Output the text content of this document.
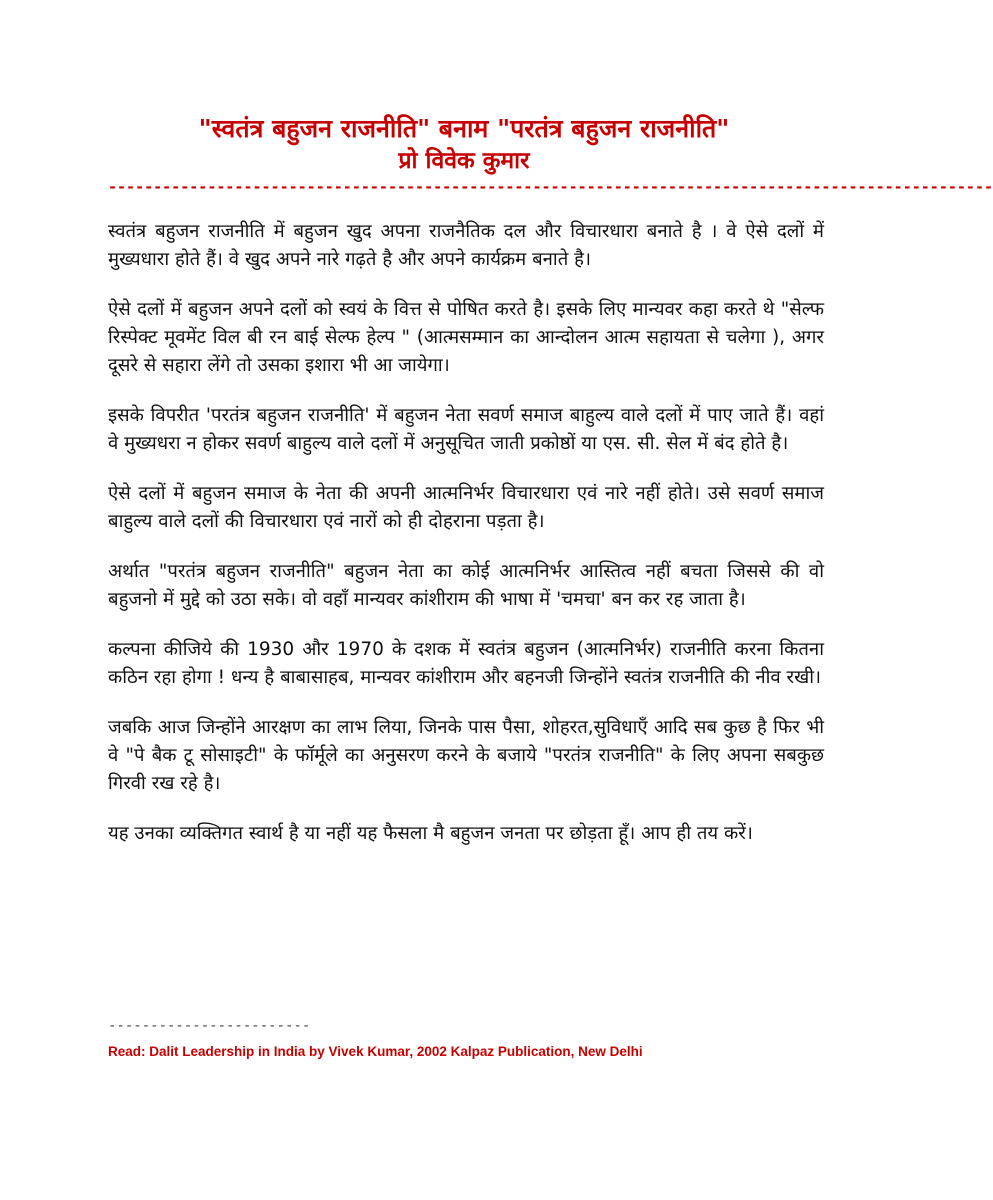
"स्वतंत्र बहुजन राजनीति" बनाम "परतंत्र बहुजन राजनीति"
प्रो विवेक कुमार
--------------------------------------------------------------------------------------------------

स्वतंत्र बहुजन राजनीति में बहुजन खुद अपना राजनैतिक दल और विचारधारा बनाते है । वे ऐसे दलों में मुख्यधारा होते हैं। वे खुद अपने नारे गढ़ते है और अपने कार्यक्रम बनाते है।

ऐसे दलों में बहुजन अपने दलों को स्वयं के वित्त से पोषित करते है। इसके लिए मान्यवर कहा करते थे "सेल्फ रिस्पेक्ट मूवमेंट विल बी रन बाई सेल्फ हेल्प " (आत्मसम्मान का आन्दोलन आत्म सहायता से चलेगा ), अगर दूसरे से सहारा लेंगे तो उसका इशारा भी आ जायेगा।

इसके विपरीत 'परतंत्र बहुजन राजनीति' में बहुजन नेता सवर्ण समाज बाहुल्य वाले दलों में पाए जाते हैं। वहां वे मुख्यधरा न होकर सवर्ण बाहुल्य वाले दलों में अनुसूचित जाती प्रकोष्ठों या एस. सी. सेल में बंद होते है।

ऐसे दलों में बहुजन समाज के नेता की अपनी आत्मनिर्भर विचारधारा एवं नारे नहीं होते। उसे सवर्ण समाज बाहुल्य वाले दलों की विचारधारा एवं नारों को ही दोहराना पड़ता है।

अर्थात "परतंत्र बहुजन राजनीति" बहुजन नेता का कोई आत्मनिर्भर आस्तित्व नहीं बचता जिससे की वो बहुजनो में मुद्दे को उठा सके। वो वहाँ मान्यवर कांशीराम की भाषा में 'चमचा' बन कर रह जाता है।

कल्पना कीजिये की 1930 और 1970 के दशक में स्वतंत्र बहुजन (आत्मनिर्भर) राजनीति करना कितना कठिन रहा होगा ! धन्य है बाबासाहब, मान्यवर कांशीराम और बहनजी जिन्होंने स्वतंत्र राजनीति की नीव रखी।

जबकि आज जिन्होंने आरक्षण का लाभ लिया, जिनके पास पैसा, शोहरत,सुविधाएँ आदि सब कुछ है फिर भी वे "पे बैक टू सोसाइटी" के फॉर्मूले का अनुसरण करने के बजाये "परतंत्र राजनीति" के लिए अपना सबकुछ गिरवी रख रहे है।

यह उनका व्यक्तिगत स्वार्थ है या नहीं यह फैसला मै बहुजन जनता पर छोड़ता हूँ। आप ही तय करें।

------------------------
Read: Dalit Leadership in India by Vivek Kumar, 2002 Kalpaz Publication, New Delhi
